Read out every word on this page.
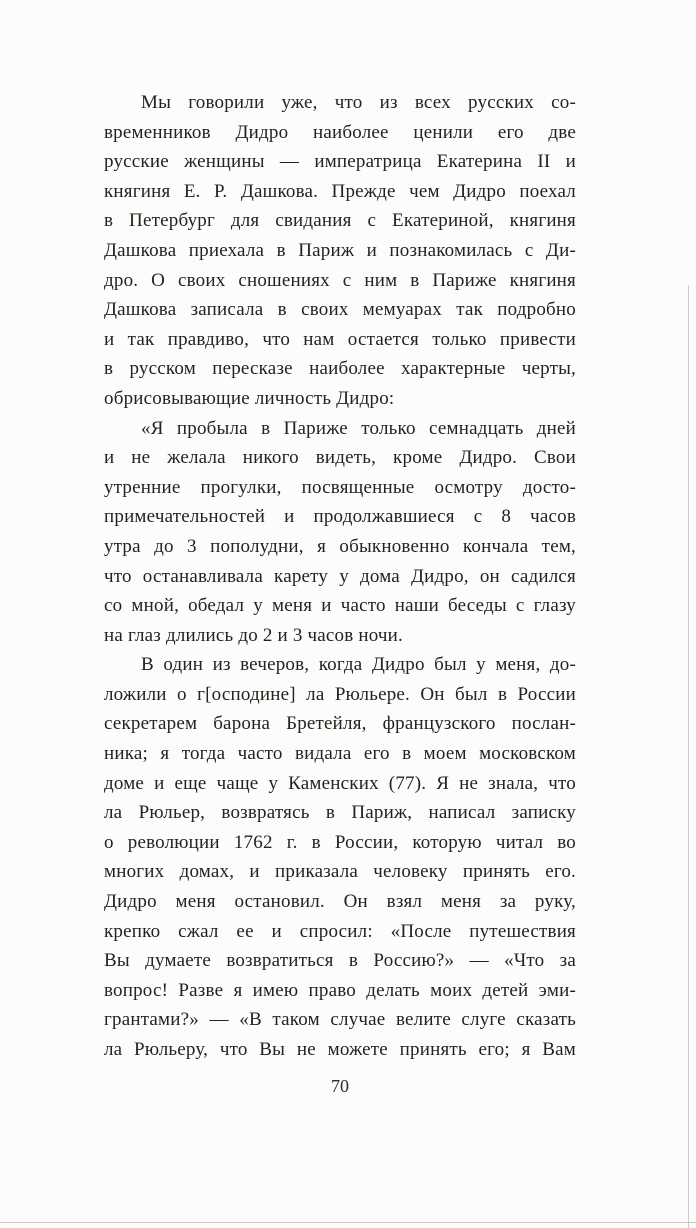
Мы говорили уже, что из всех русских со-
временников Дидро наиболее ценили его две
русские женщины — императрица Екатерина II и
княгиня Е. Р. Дашкова. Прежде чем Дидро поехал
в Петербург для свидания с Екатериной, княгиня
Дашкова приехала в Париж и познакомилась с Ди-
дро. О своих сношениях с ним в Париже княгиня
Дашкова записала в своих мемуарах так подробно
и так правдиво, что нам остается только привести
в русском пересказе наиболее характерные черты,
обрисовывающие личность Дидро:
«Я пробыла в Париже только семнадцать дней
и не желала никого видеть, кроме Дидро. Свои
утренние прогулки, посвященные осмотру досто-
примечательностей и продолжавшиеся с 8 часов
утра до 3 пополудни, я обыкновенно кончала тем,
что останавливала карету у дома Дидро, он садился
со мной, обедал у меня и часто наши беседы с глазу
на глаз длились до 2 и 3 часов ночи.
В один из вечеров, когда Дидро был у меня, до-
ложили о г[осподине] ла Рюльере. Он был в России
секретарем барона Бретейля, французского послан-
ника; я тогда часто видала его в моем московском
доме и еще чаще у Каменских (77). Я не знала, что
ла Рюльер, возвратясь в Париж, написал записку
о революции 1762 г. в России, которую читал во
многих домах, и приказала человеку принять его.
Дидро меня остановил. Он взял меня за руку,
крепко сжал ее и спросил: «После путешествия
Вы думаете возвратиться в Россию?» — «Что за
вопрос! Разве я имею право делать моих детей эми-
грантами?» — «В таком случае велите слуге сказать
ла Рюльеру, что Вы не можете принять его; я Вам
70
